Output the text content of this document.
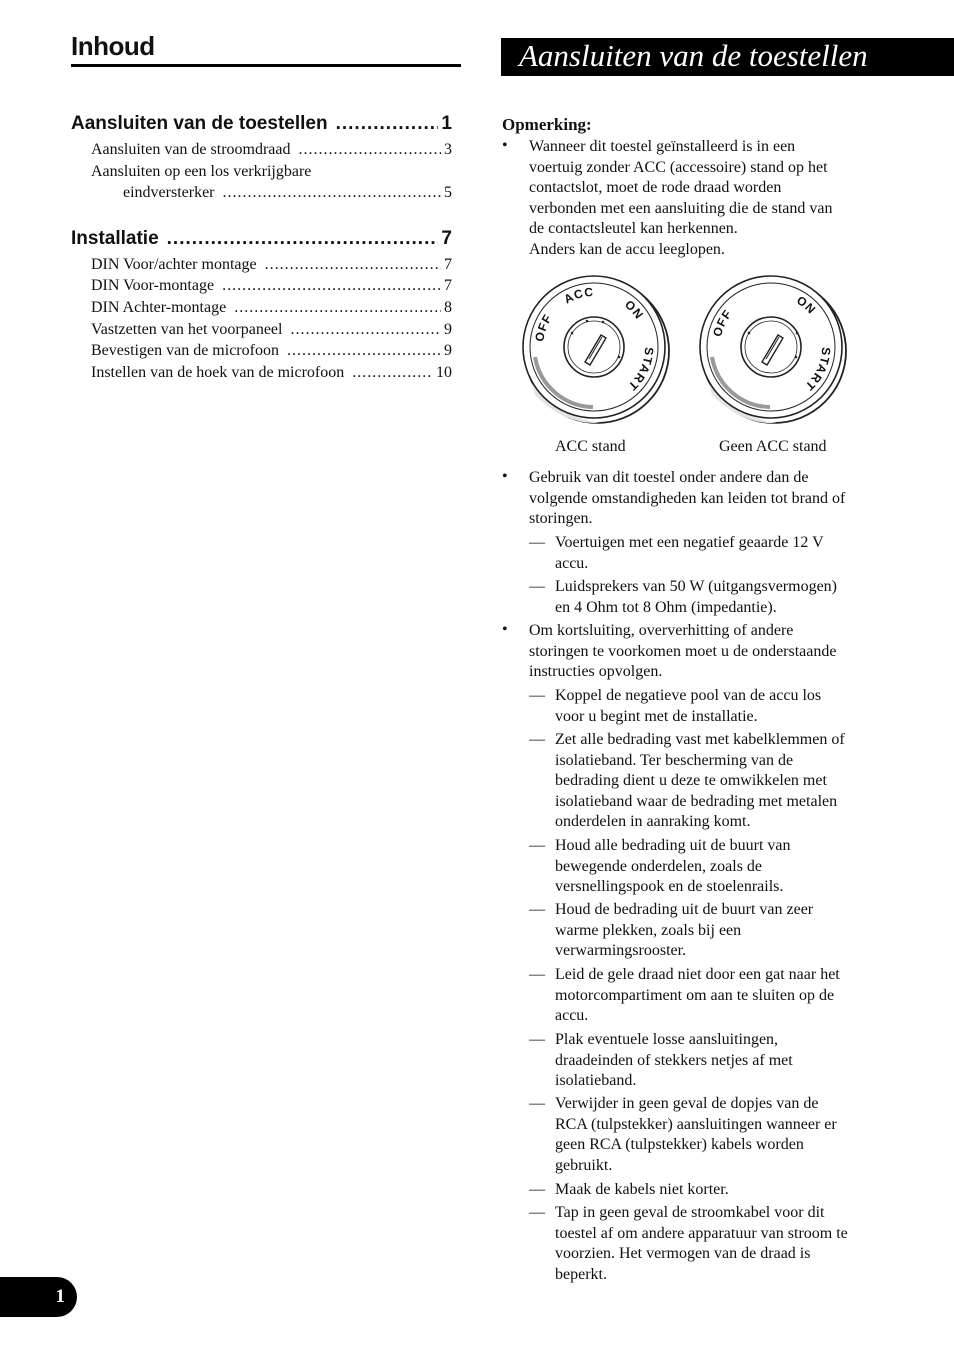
Inhoud
Aansluiten van de toestellen .....	1
Aansluiten van de stroomdraad .....	3
Aansluiten op een los verkrijgbare
eindversterker .....	5
Installatie .....	7
DIN Voor/achter montage .....	7
DIN Voor-montage .....	7
DIN Achter-montage .....	8
Vastzetten van het voorpaneel .....	9
Bevestigen van de microfoon .....	9
Instellen van de hoek van de microfoon .....	10
Aansluiten van de toestellen
Opmerking:
• Wanneer dit toestel geïnstalleerd is in een
voertuig zonder ACC (accessoire) stand op het
contactslot, moet de rode draad worden
verbonden met een aansluiting die de stand van
de contactsleutel kan herkennen.
Anders kan de accu leeglopen.
OFF
ACC
ON
START
OFF
ON
START
ACC stand	Geen ACC stand
• Gebruik van dit toestel onder andere dan de
volgende omstandigheden kan leiden tot brand of
storingen.
— Voertuigen met een negatief geaarde 12 V
accu.
— Luidsprekers van 50 W (uitgangsvermogen)
en 4 Ohm tot 8 Ohm (impedantie).
• Om kortsluiting, oververhitting of andere
storingen te voorkomen moet u de onderstaande
instructies opvolgen.
— Koppel de negatieve pool van de accu los
voor u begint met de installatie.
— Zet alle bedrading vast met kabelklemmen of
isolatieband. Ter bescherming van de
bedrading dient u deze te omwikkelen met
isolatieband waar de bedrading met metalen
onderdelen in aanraking komt.
— Houd alle bedrading uit de buurt van
bewegende onderdelen, zoals de
versnellingspook en de stoelenrails.
— Houd de bedrading uit de buurt van zeer
warme plekken, zoals bij een
verwarmingsrooster.
— Leid de gele draad niet door een gat naar het
motorcompartiment om aan te sluiten op de
accu.
— Plak eventuele losse aansluitingen,
draadeinden of stekkers netjes af met
isolatieband.
— Verwijder in geen geval de dopjes van de
RCA (tulpstekker) aansluitingen wanneer er
geen RCA (tulpstekker) kabels worden
gebruikt.
— Maak de kabels niet korter.
— Tap in geen geval de stroomkabel voor dit
toestel af om andere apparatuur van stroom te
voorzien. Het vermogen van de draad is
beperkt.
1
